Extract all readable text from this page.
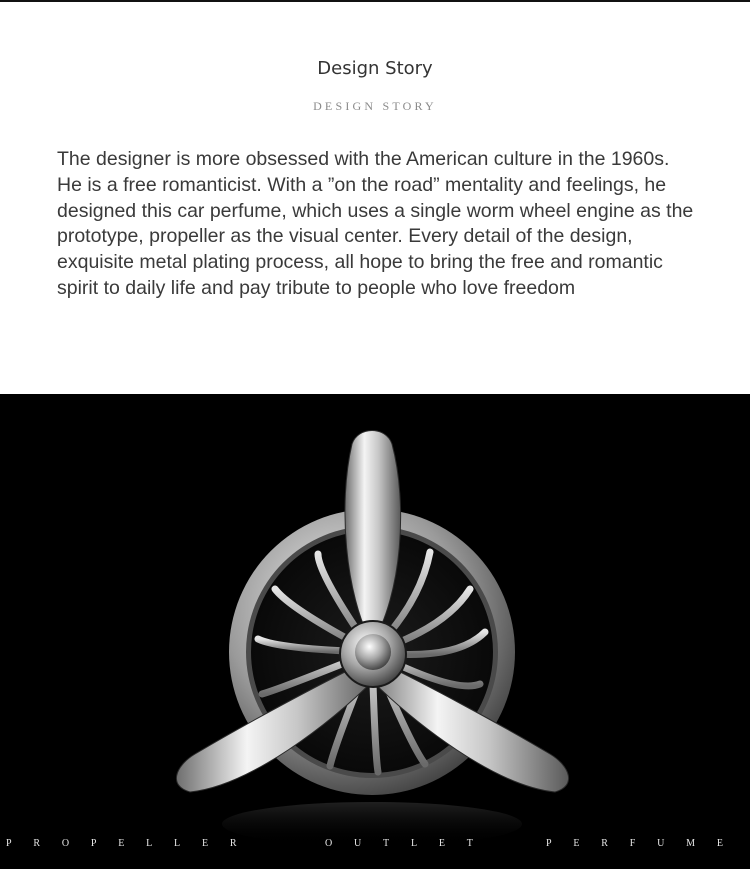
Design Story
DESIGN STORY

The designer is more obsessed with the American culture in the 1960s. He is a free romanticist. With a ”on the road” mentality and feelings, he designed this car perfume, which uses a single worm wheel engine as the prototype, propeller as the visual center. Every detail of the design, exquisite metal plating process, all hope to bring the free and romantic spirit to daily life and pay tribute to people who love freedom

PROPELLER	OUTLET	PERFUME
